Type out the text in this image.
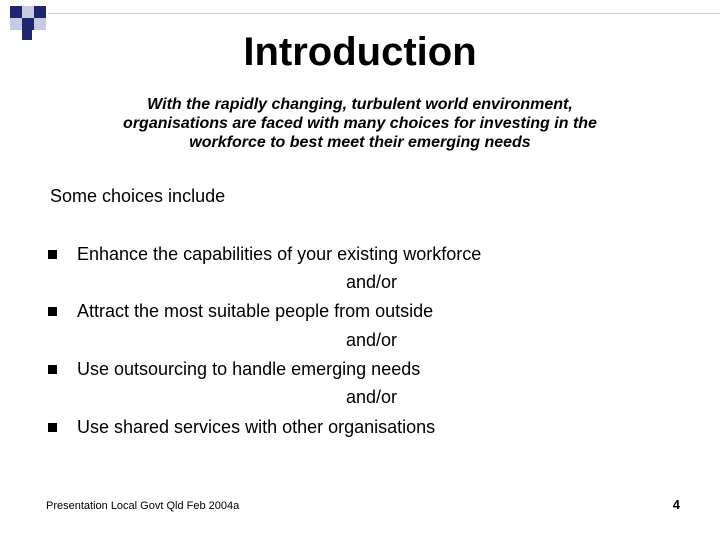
Introduction
With the rapidly changing, turbulent world environment,
organisations are faced with many choices for investing in the
workforce to best meet their emerging needs
Some choices include
Enhance the capabilities of your existing workforce
and/or
Attract the most suitable people from outside
and/or
Use outsourcing to handle emerging needs
and/or
Use shared services with other organisations
Presentation Local Govt Qld Feb 2004a	4
